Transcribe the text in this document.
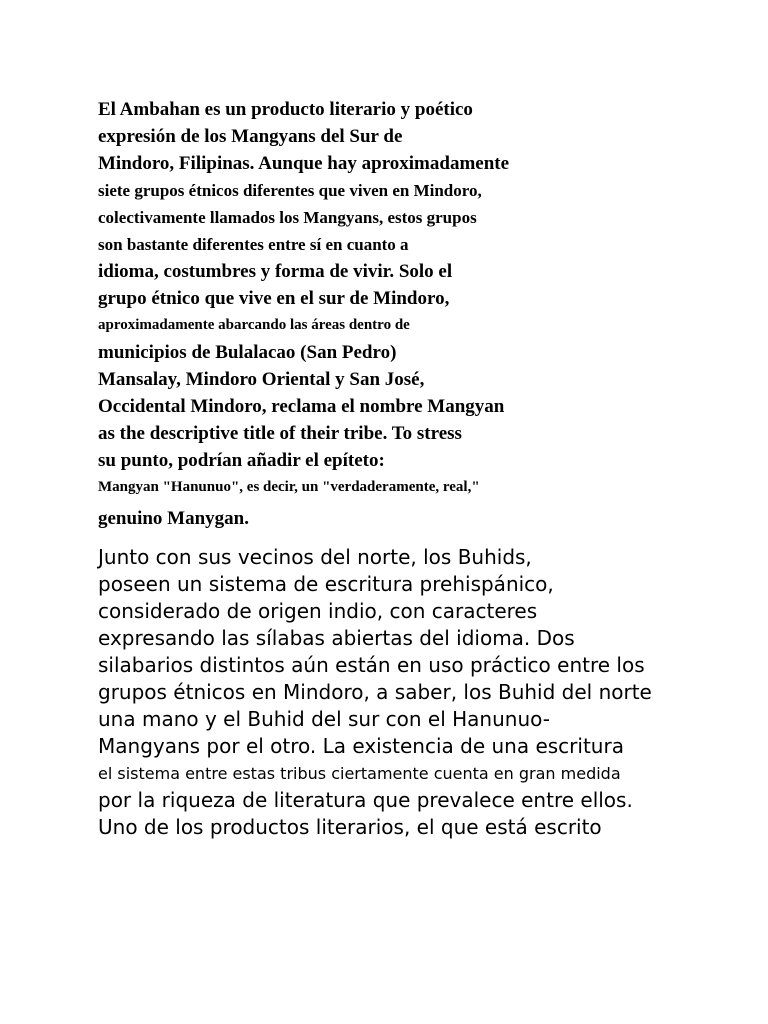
El Ambahan es un producto literario y poético
expresión de los Mangyans del Sur de
Mindoro, Filipinas. Aunque hay aproximadamente
siete grupos étnicos diferentes que viven en Mindoro,
colectivamente llamados los Mangyans, estos grupos
son bastante diferentes entre sí en cuanto a
idioma, costumbres y forma de vivir. Solo el
grupo étnico que vive en el sur de Mindoro,
aproximadamente abarcando las áreas dentro de
municipios de Bulalacao (San Pedro)
Mansalay, Mindoro Oriental y San José,
Occidental Mindoro, reclama el nombre Mangyan
as the descriptive title of their tribe. To stress
su punto, podrían añadir el epíteto:
Mangyan "Hanunuo", es decir, un "verdaderamente, real,"
genuino Manygan.
Junto con sus vecinos del norte, los Buhids,
poseen un sistema de escritura prehispánico,
considerado de origen indio, con caracteres
expresando las sílabas abiertas del idioma. Dos
silabarios distintos aún están en uso práctico entre los
grupos étnicos en Mindoro, a saber, los Buhid del norte
una mano y el Buhid del sur con el Hanunuo-
Mangyans por el otro. La existencia de una escritura
el sistema entre estas tribus ciertamente cuenta en gran medida
por la riqueza de literatura que prevalece entre ellos.
Uno de los productos literarios, el que está escrito
